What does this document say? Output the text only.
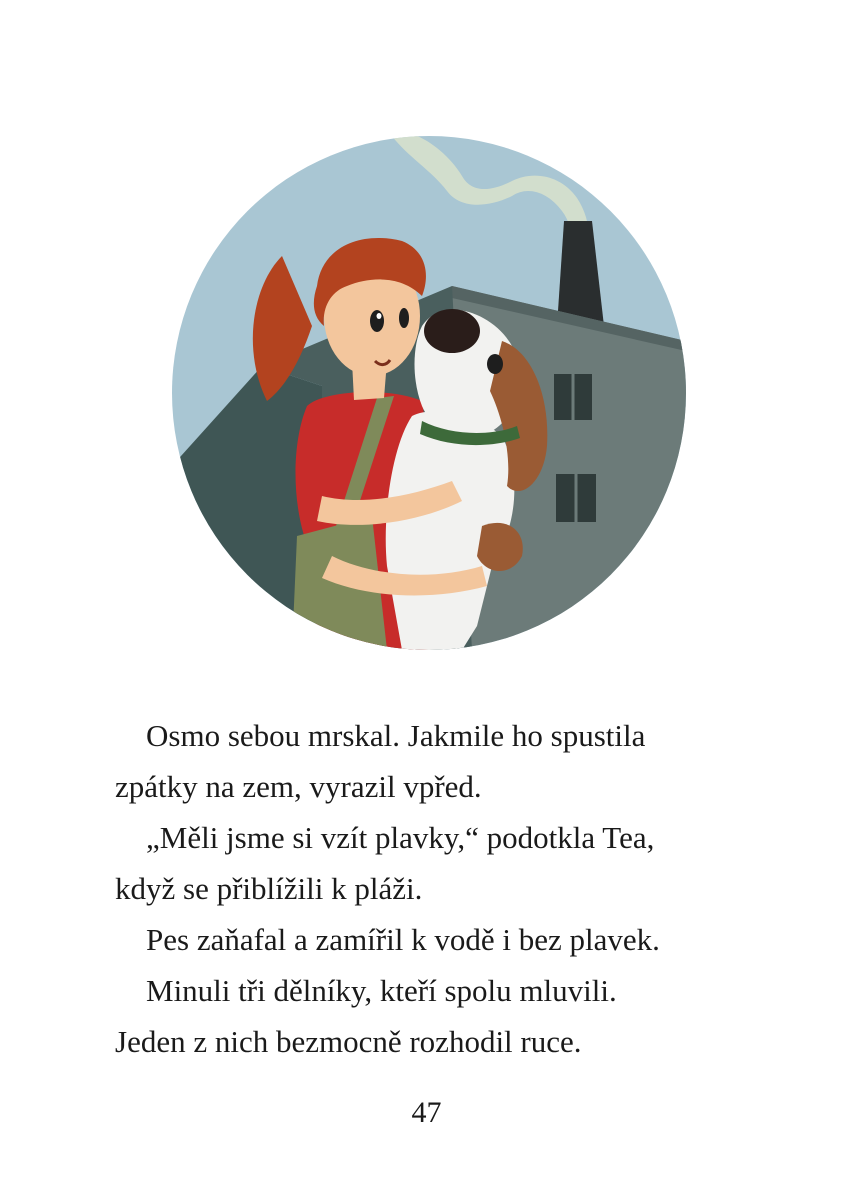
Osmo sebou mrskal. Jakmile ho spustila
zpátky na zem, vyrazil vpřed.

„Měli jsme si vzít plavky,“ podotkla Tea,
když se přiblížili k pláži.

Pes zaňafal a zamířil k vodě i bez plavek.

Minuli tři dělníky, kteří spolu mluvili.
Jeden z nich bezmocně rozhodil ruce.

47
